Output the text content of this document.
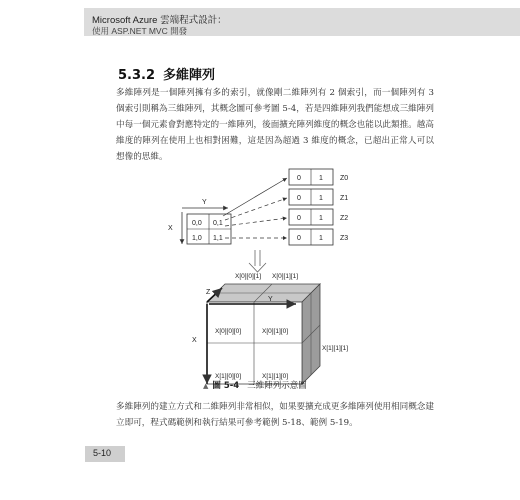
Microsoft Azure 雲端程式設計：
使用 ASP.NET MVC 開發
5.3.2 多維陣列
多維陣列是一個陣列擁有多的索引，就像剛二維陣列有 2 個索引，而一個陣列有 3 個索引則稱為三維陣列，其概念圖可參考圖 5-4，若是四維陣列我們能想成三維陣列中每一個元素會對應特定的一維陣列，後面擴充陣列維度的概念也能以此類推。越高維度的陣列在使用上也相對困難，這是因為超過 3 維度的概念，已超出正常人可以想像的思維。
Y
X
0,0 0,1
1,0 1,1
0	1 Z0
0	1 Z1
0	1 Z2
0	1 Z3
Z
Y
X
X[0][0][1] X[0][1][1]
X[1][1][1]
X[0][0][0]	X[0][1][0]
X[1][0][0]	X[1][1][0]
▲ 圖 5-4 三維陣列示意圖
多維陣列的建立方式和二維陣列非常相似，如果要擴充成更多維陣列使用相同概念建立即可，程式碼範例和執行結果可參考範例 5-18、範例 5-19。
5-10
